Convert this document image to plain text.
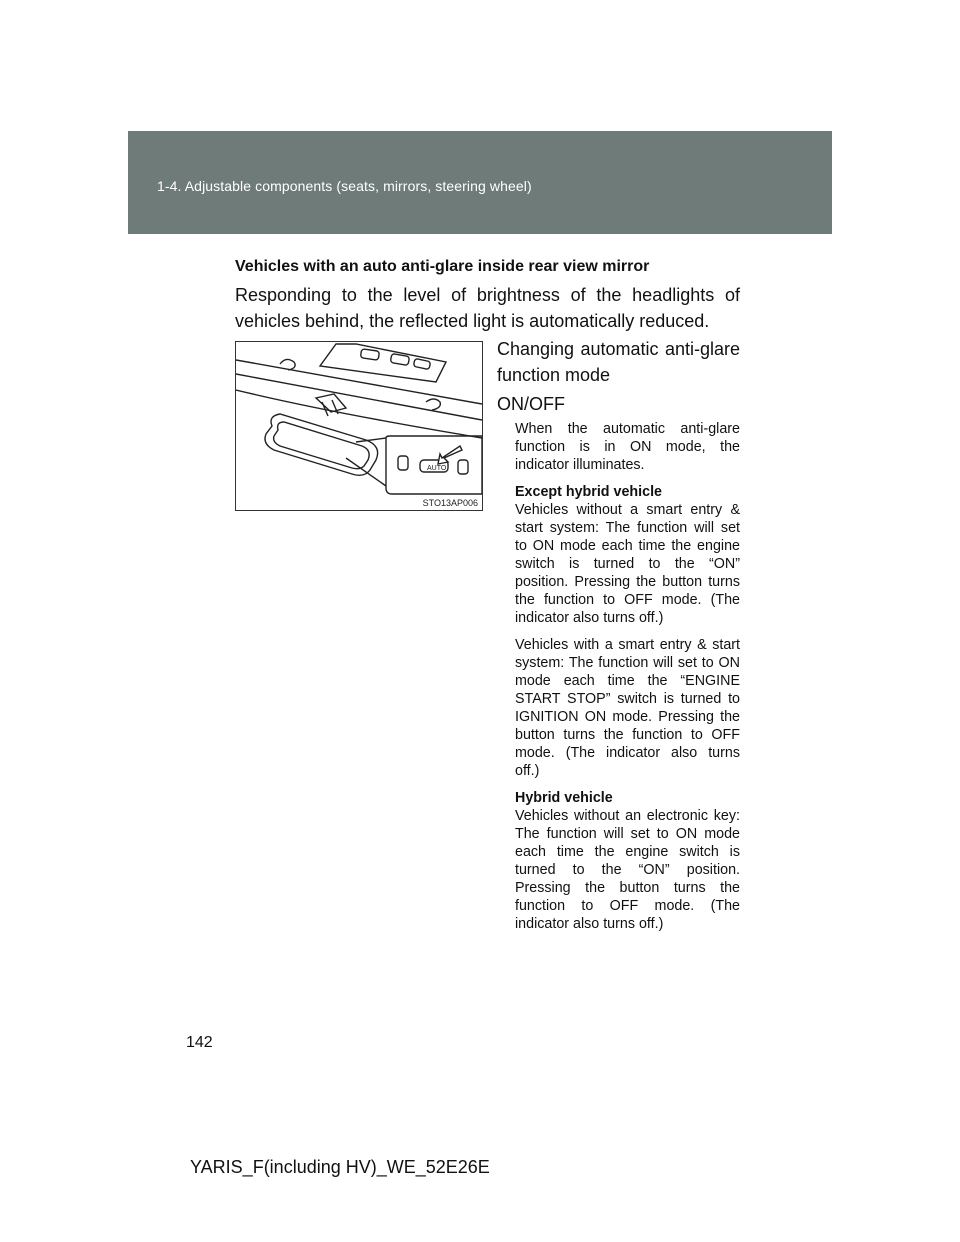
1-4. Adjustable components (seats, mirrors, steering wheel)
Vehicles with an auto anti-glare inside rear view mirror
Responding to the level of brightness of the headlights of vehicles behind, the reflected light is automatically reduced.
AUTO
STO13AP006
Changing automatic anti-glare function mode
ON/OFF

When the automatic anti-glare function is in ON mode, the indicator illuminates.

Except hybrid vehicle
Vehicles without a smart entry & start system: The function will set to ON mode each time the engine switch is turned to the “ON” position. Pressing the button turns the function to OFF mode. (The indicator also turns off.)

Vehicles with a smart entry & start system: The function will set to ON mode each time the “ENGINE START STOP” switch is turned to IGNITION ON mode. Pressing the button turns the function to OFF mode. (The indicator also turns off.)

Hybrid vehicle
Vehicles without an electronic key: The function will set to ON mode each time the engine switch is turned to the “ON” position. Pressing the button turns the function to OFF mode. (The indicator also turns off.)

142
YARIS_F(including HV)_WE_52E26E
